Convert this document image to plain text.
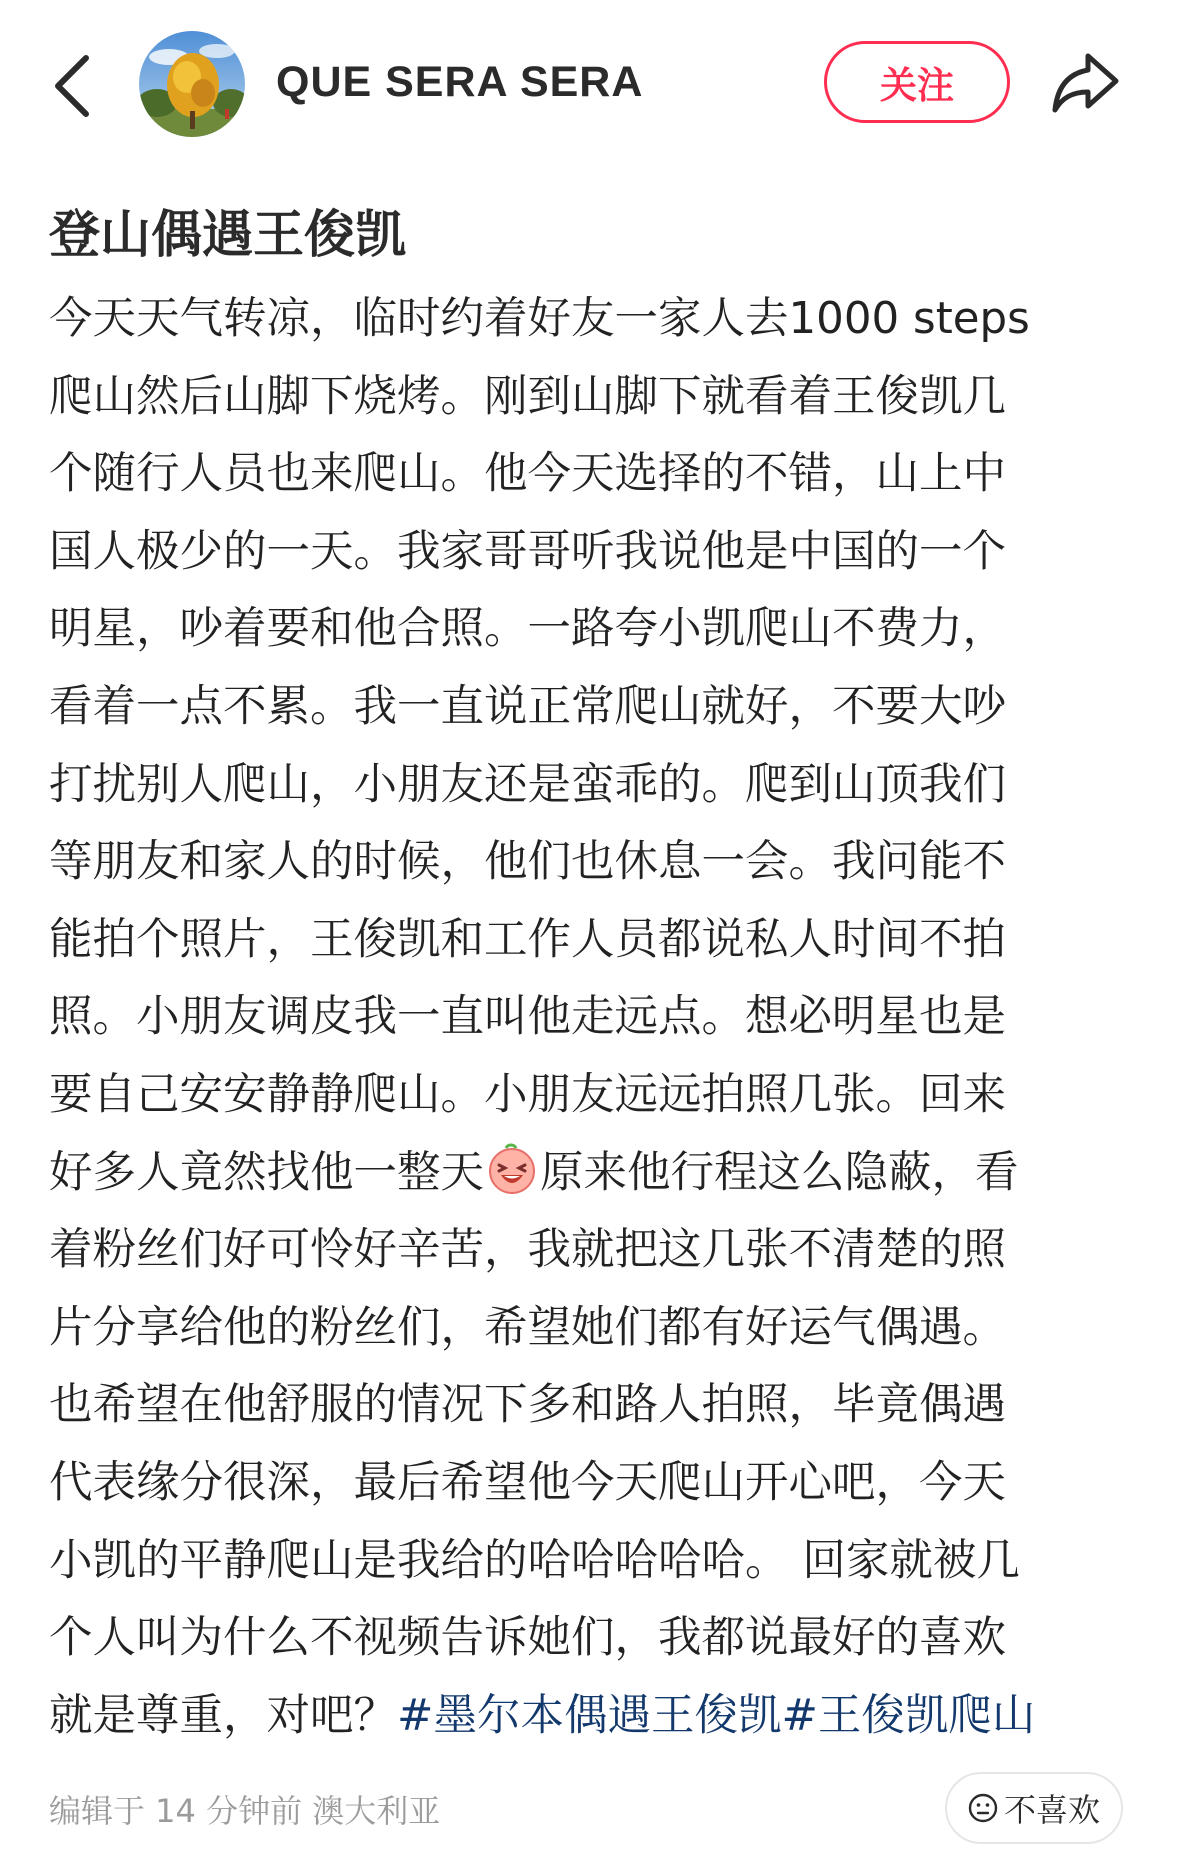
QUE SERA SERA	关注
登山偶遇王俊凯
今天天气转凉，临时约着好友一家人去1000 steps
爬山然后山脚下烧烤。刚到山脚下就看着王俊凯几
个随行人员也来爬山。他今天选择的不错，山上中
国人极少的一天。我家哥哥听我说他是中国的一个
明星，吵着要和他合照。一路夸小凯爬山不费力，
看着一点不累。我一直说正常爬山就好，不要大吵
打扰别人爬山，小朋友还是蛮乖的。爬到山顶我们
等朋友和家人的时候，他们也休息一会。我问能不
能拍个照片，王俊凯和工作人员都说私人时间不拍
照。小朋友调皮我一直叫他走远点。想必明星也是
要自己安安静静爬山。小朋友远远拍照几张。回来
好多人竟然找他一整天 原来他行程这么隐蔽，看
着粉丝们好可怜好辛苦，我就把这几张不清楚的照
片分享给他的粉丝们，希望她们都有好运气偶遇。
也希望在他舒服的情况下多和路人拍照，毕竟偶遇
代表缘分很深，最后希望他今天爬山开心吧，今天
小凯的平静爬山是我给的哈哈哈哈哈。 回家就被几
个人叫为什么不视频告诉她们，我都说最好的喜欢
就是尊重，对吧？#墨尔本偶遇王俊凯#王俊凯爬山
编辑于 14 分钟前 澳大利亚	不喜欢
